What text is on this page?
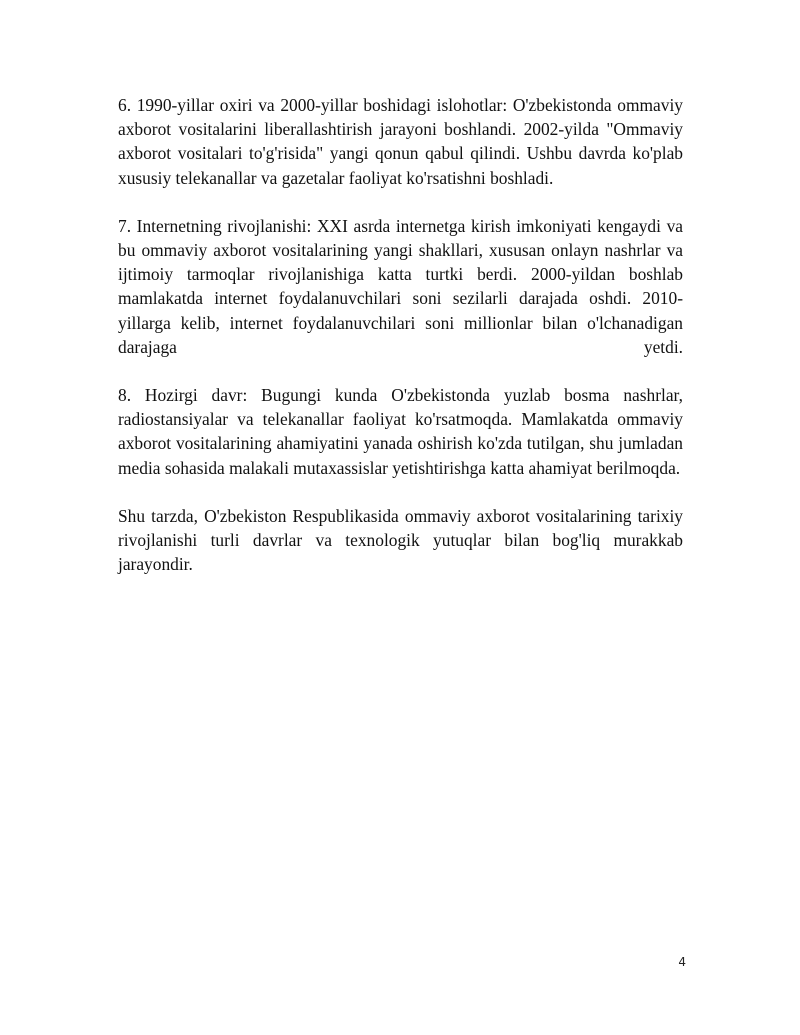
6. 1990-yillar oxiri va 2000-yillar boshidagi islohotlar: O'zbekistonda ommaviy axborot vositalarini liberallashtirish jarayoni boshlandi. 2002-yilda "Ommaviy axborot vositalari to'g'risida" yangi qonun qabul qilindi. Ushbu davrda ko'plab xususiy telekanallar va gazetalar faoliyat ko'rsatishni boshladi.

7. Internetning rivojlanishi: XXI asrda internetga kirish imkoniyati kengaydi va bu ommaviy axborot vositalarining yangi shakllari, xususan onlayn nashrlar va ijtimoiy tarmoqlar rivojlanishiga katta turtki berdi. 2000-yildan boshlab mamlakatda internet foydalanuvchilari soni sezilarli darajada oshdi. 2010-yillarga kelib, internet foydalanuvchilari soni millionlar bilan o'lchanadigan darajaga yetdi.

8. Hozirgi davr: Bugungi kunda O'zbekistonda yuzlab bosma nashrlar, radiostansiyalar va telekanallar faoliyat ko'rsatmoqda. Mamlakatda ommaviy axborot vositalarining ahamiyatini yanada oshirish ko'zda tutilgan, shu jumladan media sohasida malakali mutaxassislar yetishtirishga katta ahamiyat berilmoqda.

Shu tarzda, O'zbekiston Respublikasida ommaviy axborot vositalarining tarixiy rivojlanishi turli davrlar va texnologik yutuqlar bilan bog'liq murakkab jarayondir.

4
